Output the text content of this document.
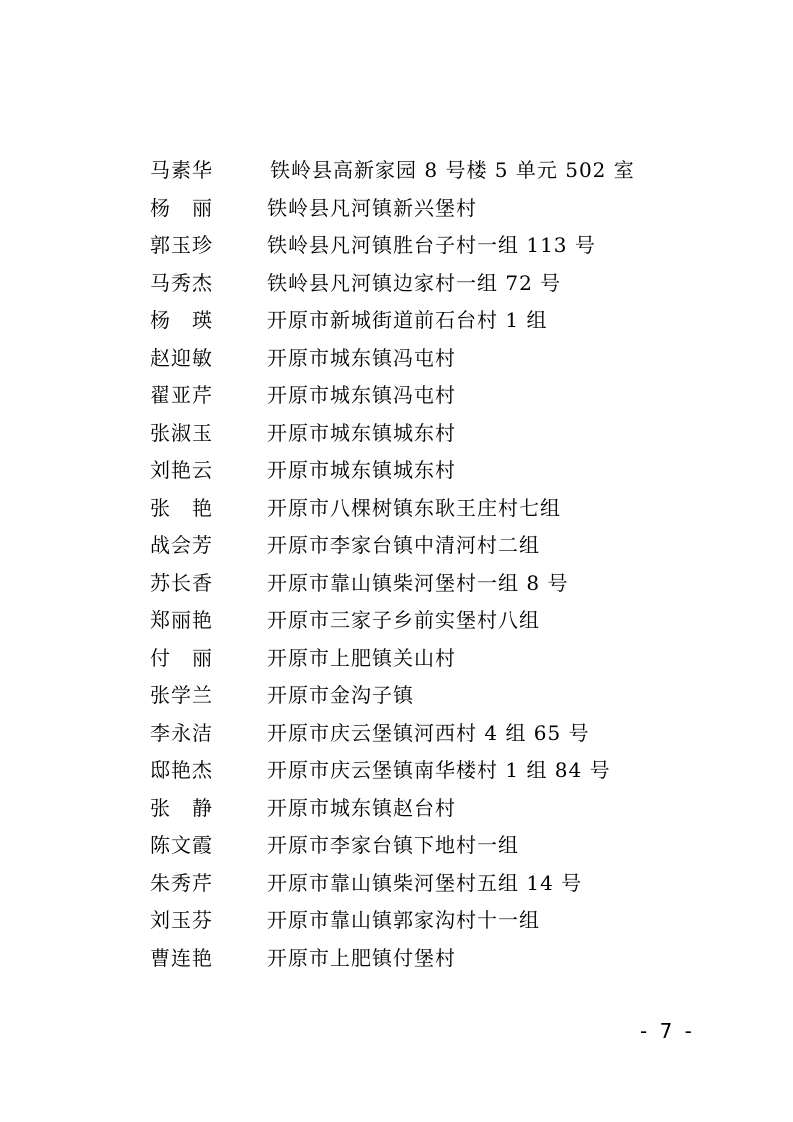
马素华	铁岭县高新家园 8 号楼 5 单元 502 室
杨　丽	铁岭县凡河镇新兴堡村
郭玉珍	铁岭县凡河镇胜台子村一组 113 号
马秀杰	铁岭县凡河镇边家村一组 72 号
杨　瑛	开原市新城街道前石台村 1 组
赵迎敏	开原市城东镇冯屯村
翟亚芹	开原市城东镇冯屯村
张淑玉	开原市城东镇城东村
刘艳云	开原市城东镇城东村
张　艳	开原市八棵树镇东耿王庄村七组
战会芳	开原市李家台镇中清河村二组
苏长香	开原市靠山镇柴河堡村一组 8 号
郑丽艳	开原市三家子乡前实堡村八组
付　丽	开原市上肥镇关山村
张学兰	开原市金沟子镇
李永洁	开原市庆云堡镇河西村 4 组 65 号
邸艳杰	开原市庆云堡镇南华楼村 1 组 84 号
张　静	开原市城东镇赵台村
陈文霞	开原市李家台镇下地村一组
朱秀芹	开原市靠山镇柴河堡村五组 14 号
刘玉芬	开原市靠山镇郭家沟村十一组
曹连艳	开原市上肥镇付堡村
- 7 -
